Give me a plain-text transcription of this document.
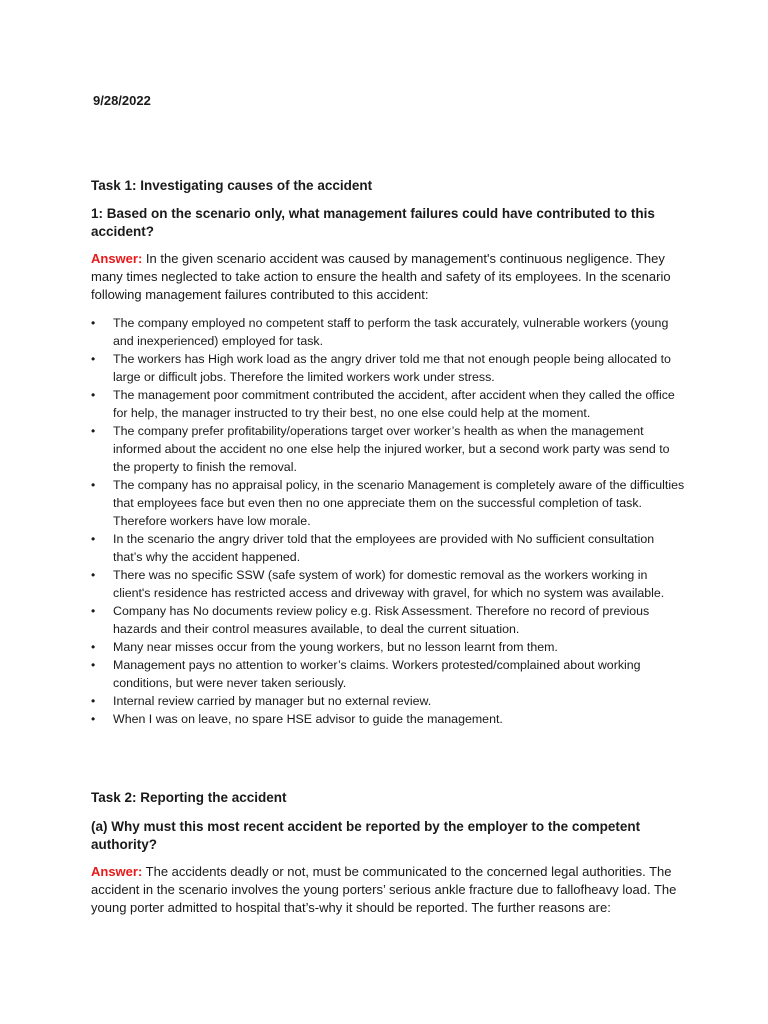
9/28/2022
Task 1: Investigating causes of the accident
1: Based on the scenario only, what management failures could have contributed to this accident?
Answer: In the given scenario accident was caused by management's continuous negligence. They many times neglected to take action to ensure the health and safety of its employees. In the scenario following management failures contributed to this accident:
• The company employed no competent staff to perform the task accurately, vulnerable workers (young and inexperienced) employed for task.
• The workers has High work load as the angry driver told me that not enough people being allocated to large or difficult jobs. Therefore the limited workers work under stress.
• The management poor commitment contributed the accident, after accident when they called the office for help, the manager instructed to try their best, no one else could help at the moment.
• The company prefer profitability/operations target over worker’s health as when the management informed about the accident no one else help the injured worker, but a second work party was send to the property to finish the removal.
• The company has no appraisal policy, in the scenario Management is completely aware of the difficulties that employees face but even then no one appreciate them on the successful completion of task. Therefore workers have low morale.
• In the scenario the angry driver told that the employees are provided with No sufficient consultation that’s why the accident happened.
• There was no specific SSW (safe system of work) for domestic removal as the workers working in client's residence has restricted access and driveway with gravel, for which no system was available.
• Company has No documents review policy e.g. Risk Assessment. Therefore no record of previous hazards and their control measures available, to deal the current situation.
• Many near misses occur from the young workers, but no lesson learnt from them.
• Management pays no attention to worker’s claims. Workers protested/complained about working conditions, but were never taken seriously.
• Internal review carried by manager but no external review.
• When I was on leave, no spare HSE advisor to guide the management.
Task 2: Reporting the accident
(a) Why must this most recent accident be reported by the employer to the competent authority?
Answer: The accidents deadly or not, must be communicated to the concerned legal authorities. The accident in the scenario involves the young porters’ serious ankle fracture due to fallofheavy load. The young porter admitted to hospital that’s-why it should be reported. The further reasons are:
